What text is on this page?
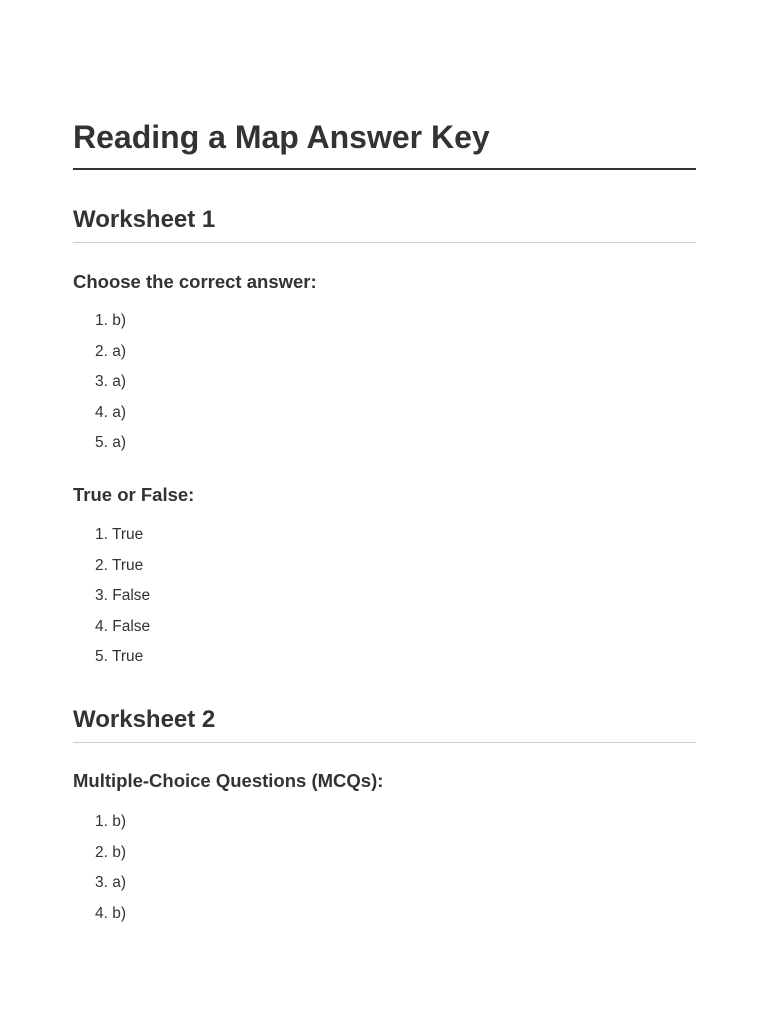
Reading a Map Answer Key
Worksheet 1
Choose the correct answer:
1. b)
2. a)
3. a)
4. a)
5. a)
True or False:
1. True
2. True
3. False
4. False
5. True
Worksheet 2
Multiple-Choice Questions (MCQs):
1. b)
2. b)
3. a)
4. b)
